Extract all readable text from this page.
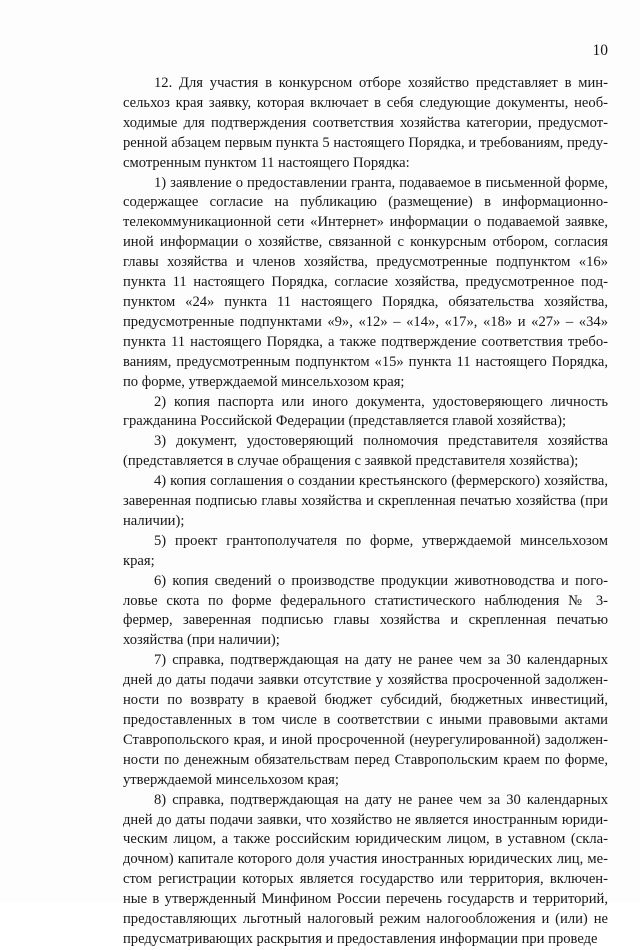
10

12. Для участия в конкурсном отборе хозяйство представляет в минсельхоз края заявку, которая включает в себя следующие документы, необходимые для подтверждения соответствия хозяйства категории, предусмотренной абзацем первым пункта 5 настоящего Порядка, и требованиям, предусмотренным пунктом 11 настоящего Порядка:

1) заявление о предоставлении гранта, подаваемое в письменной форме, содержащее согласие на публикацию (размещение) в информационно-телекоммуникационной сети «Интернет» информации о подаваемой заявке, иной информации о хозяйстве, связанной с конкурсным отбором, согласия главы хозяйства и членов хозяйства, предусмотренные подпунктом «16» пункта 11 настоящего Порядка, согласие хозяйства, предусмотренное подпунктом «24» пункта 11 настоящего Порядка, обязательства хозяйства, предусмотренные подпунктами «9», «12» – «14», «17», «18» и «27» – «34» пункта 11 настоящего Порядка, а также подтверждение соответствия требованиям, предусмотренным подпунктом «15» пункта 11 настоящего Порядка, по форме, утверждаемой минсельхозом края;

2) копия паспорта или иного документа, удостоверяющего личность гражданина Российской Федерации (представляется главой хозяйства);

3) документ, удостоверяющий полномочия представителя хозяйства (представляется в случае обращения с заявкой представителя хозяйства);

4) копия соглашения о создании крестьянского (фермерского) хозяйства, заверенная подписью главы хозяйства и скрепленная печатью хозяйства (при наличии);

5) проект грантополучателя по форме, утверждаемой минсельхозом края;

6) копия сведений о производстве продукции животноводства и поголовье скота по форме федерального статистического наблюдения № 3-фермер, заверенная подписью главы хозяйства и скрепленная печатью хозяйства (при наличии);

7) справка, подтверждающая на дату не ранее чем за 30 календарных дней до даты подачи заявки отсутствие у хозяйства просроченной задолженности по возврату в краевой бюджет субсидий, бюджетных инвестиций, предоставленных в том числе в соответствии с иными правовыми актами Ставропольского края, и иной просроченной (неурегулированной) задолженности по денежным обязательствам перед Ставропольским краем по форме, утверждаемой минсельхозом края;

8) справка, подтверждающая на дату не ранее чем за 30 календарных дней до даты подачи заявки, что хозяйство не является иностранным юридическим лицом, а также российским юридическим лицом, в уставном (складочном) капитале которого доля участия иностранных юридических лиц, местом регистрации которых является государство или территория, включенные в утвержденный Минфином России перечень государств и территорий, предоставляющих льготный налоговый режим налогообложения и (или) не предусматривающих раскрытия и предоставления информации при проведе
